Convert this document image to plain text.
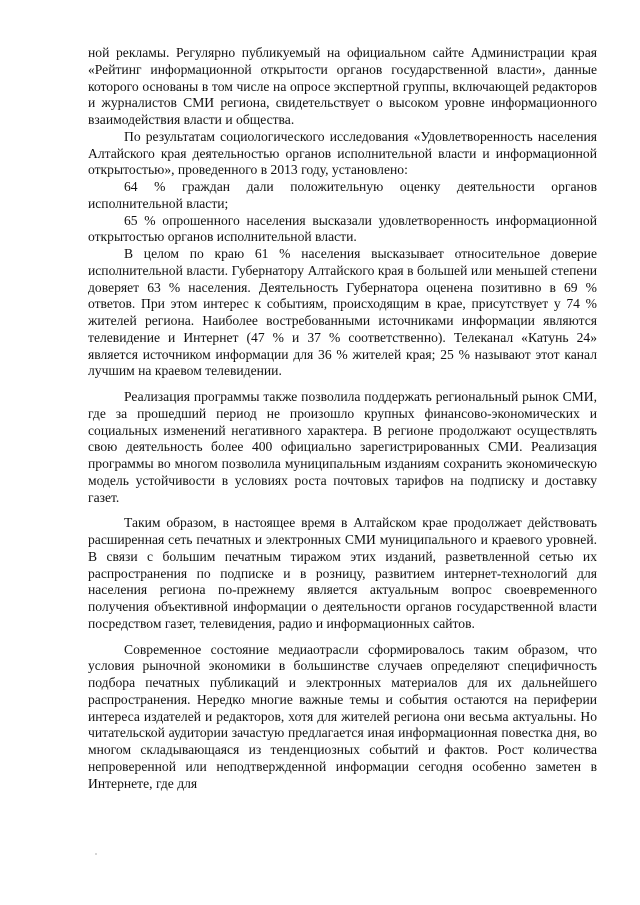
ной рекламы. Регулярно публикуемый на официальном сайте Администрации края «Рейтинг информационной открытости органов государственной власти», данные которого основаны в том числе на опросе экспертной группы, включающей редакторов и журналистов СМИ региона, свидетельствует о высоком уровне информационного взаимодействия власти и общества.

По результатам социологического исследования «Удовлетворенность населения Алтайского края деятельностью органов исполнительной власти и информационной открытостью», проведенного в 2013 году, установлено:

64 % граждан дали положительную оценку деятельности органов исполнительной власти;

65 % опрошенного населения высказали удовлетворенность информационной открытостью органов исполнительной власти.

В целом по краю 61 % населения высказывает относительное доверие исполнительной власти. Губернатору Алтайского края в большей или меньшей степени доверяет 63 % населения. Деятельность Губернатора оценена позитивно в 69 % ответов. При этом интерес к событиям, происходящим в крае, присутствует у 74 % жителей региона. Наиболее востребованными источниками информации являются телевидение и Интернет (47 % и 37 % соответственно). Телеканал «Катунь 24» является источником информации для 36 % жителей края; 25 % называют этот канал лучшим на краевом телевидении.

Реализация программы также позволила поддержать региональный рынок СМИ, где за прошедший период не произошло крупных финансово-экономических и социальных изменений негативного характера. В регионе продолжают осуществлять свою деятельность более 400 официально зарегистрированных СМИ. Реализация программы во многом позволила муниципальным изданиям сохранить экономическую модель устойчивости в условиях роста почтовых тарифов на подписку и доставку газет.

Таким образом, в настоящее время в Алтайском крае продолжает действовать расширенная сеть печатных и электронных СМИ муниципального и краевого уровней. В связи с большим печатным тиражом этих изданий, разветвленной сетью их распространения по подписке и в розницу, развитием интернет-технологий для населения региона по-прежнему является актуальным вопрос своевременного получения объективной информации о деятельности органов государственной власти посредством газет, телевидения, радио и информационных сайтов.

Современное состояние медиаотрасли сформировалось таким образом, что условия рыночной экономики в большинстве случаев определяют специфичность подбора печатных публикаций и электронных материалов для их дальнейшего распространения. Нередко многие важные темы и события остаются на периферии интереса издателей и редакторов, хотя для жителей региона они весьма актуальны. Но читательской аудитории зачастую предлагается иная информационная повестка дня, во многом складывающаяся из тенденциозных событий и фактов. Рост количества непроверенной или неподтвержденной информации сегодня особенно заметен в Интернете, где для
